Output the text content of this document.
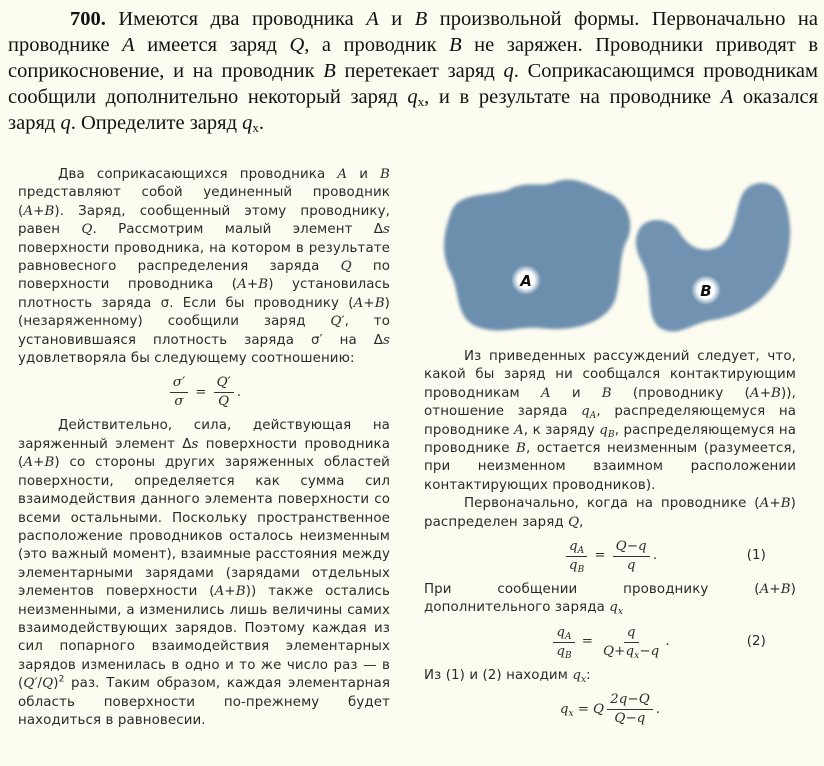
700. Имеются два проводника A и B произвольной формы. Первоначально на проводнике A имеется заряд Q, а проводник B не заряжен. Проводники приводят в соприкосновение, и на проводник B перетекает заряд q. Соприкасающимся проводникам сообщили дополнительно некоторый заряд $q_x$, и в результате на проводнике A оказался заряд q. Определите заряд $q_x$.

A
B

Два соприкасающихся проводника A и B представляют собой уединенный проводник (A+B). Заряд, сообщенный этому проводнику, равен Q. Рассмотрим малый элемент Δs поверхности проводника, на котором в результате равновесного распределения заряда Q по поверхности проводника (A+B) установилась плотность заряда σ. Если бы проводнику (A+B) (незаряженному) сообщили заряд Q′, то установившаяся плотность заряда σ′ на Δs удовлетворяла бы следующему соотношению:

$\frac{\sigma'}{\sigma} = \frac{Q'}{Q}$ .

Действительно, сила, действующая на заряженный элемент Δs поверхности проводника (A+B) со стороны других заряженных областей поверхности, определяется как сумма сил взаимодействия данного элемента поверхности со всеми остальными. Поскольку пространственное расположение проводников осталось неизменным (это важный момент), взаимные расстояния между элементарными зарядами (зарядами отдельных элементов поверхности (A+B)) также остались неизменными, а изменились лишь величины самих взаимодействующих зарядов. Поэтому каждая из сил попарного взаимодействия элементарных зарядов изменилась в одно и то же число раз — в $(Q'/Q)^2$ раз. Таким образом, каждая элементарная область поверхности по-прежнему будет находиться в равновесии.

Из приведенных рассуждений следует, что, какой бы заряд ни сообщался контактирующим проводникам A и B (проводнику (A+B)), отношение заряда $q_A$, распределяющемуся на проводнике A, к заряду $q_B$, распределяющемуся на проводнике B, остается неизменным (разумеется, при неизменном взаимном расположении контактирующих проводников).

Первоначально, когда на проводнике (A+B) распределен заряд Q,

$\frac{q_A}{q_B} = \frac{Q-q}{q}$ .	(1)

При сообщении проводнику (A+B) дополнительного заряда $q_x$

$\frac{q_A}{q_B} = \frac{q}{Q+q_x-q}$ .	(2)

Из (1) и (2) находим $q_x$:

$q_x = Q \frac{2q-Q}{Q-q}$ .
